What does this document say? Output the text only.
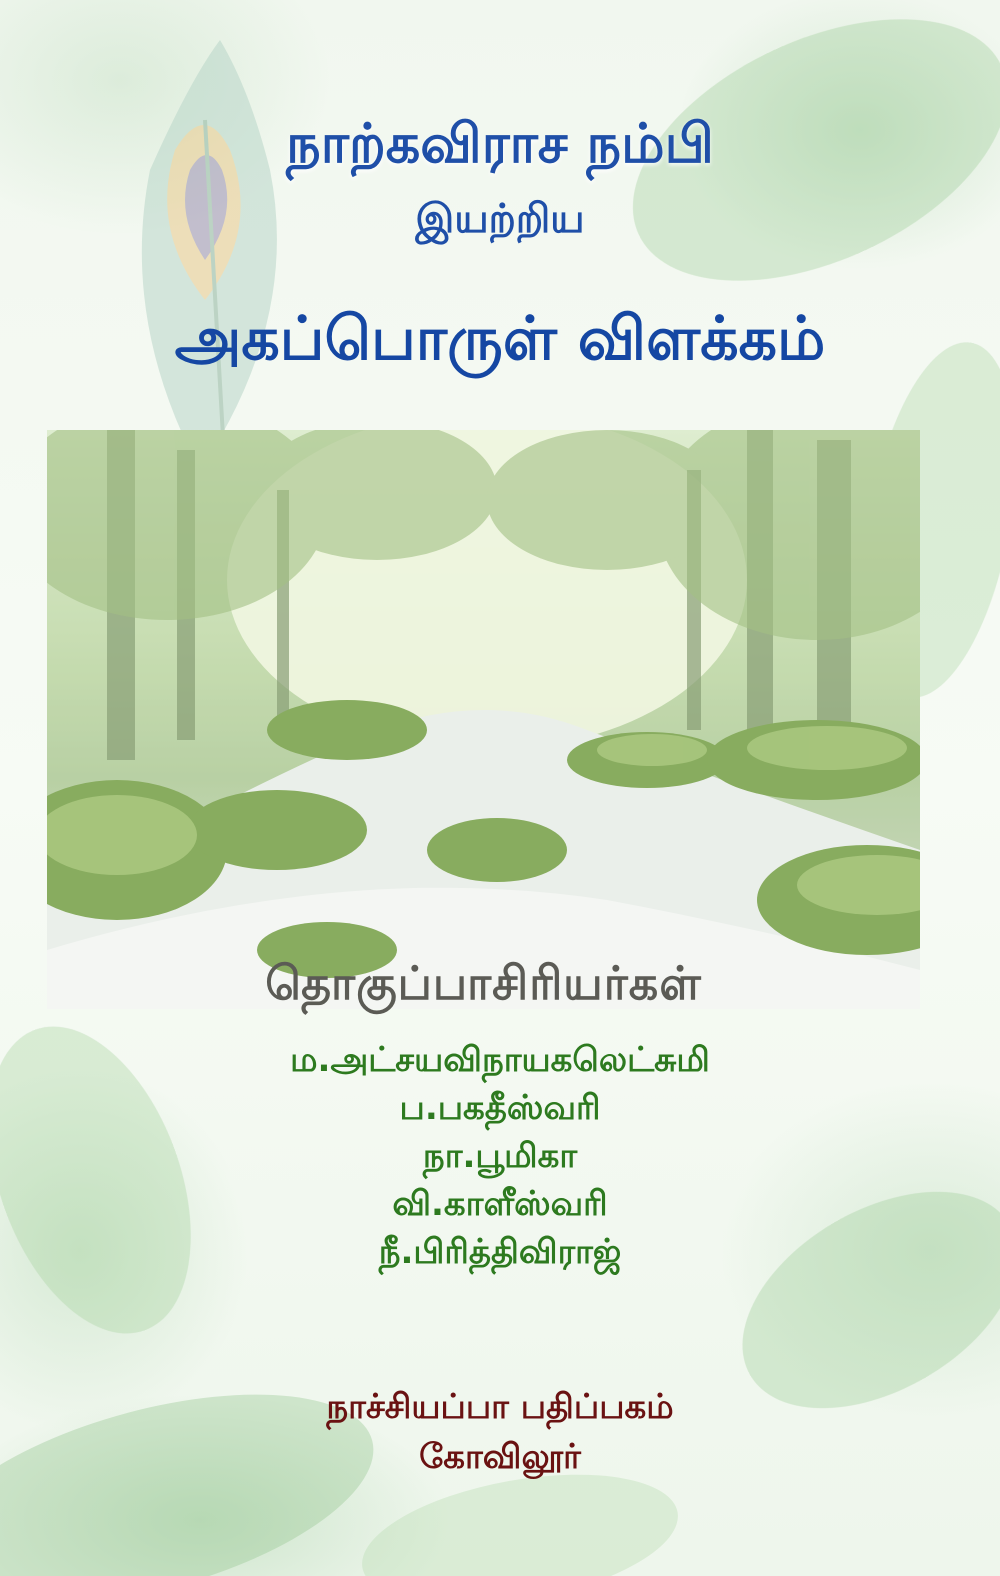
நாற்கவிராச நம்பி
இயற்றிய
அகப்பொருள் விளக்கம்
தொகுப்பாசிரியர்கள்
ம.அட்சயவிநாயகலெட்சுமி
ப.பகதீஸ்வரி
நா.பூமிகா
வி.காளீஸ்வரி
நீ.பிரித்திவிராஜ்
நாச்சியப்பா பதிப்பகம்
கோவிலூர்
